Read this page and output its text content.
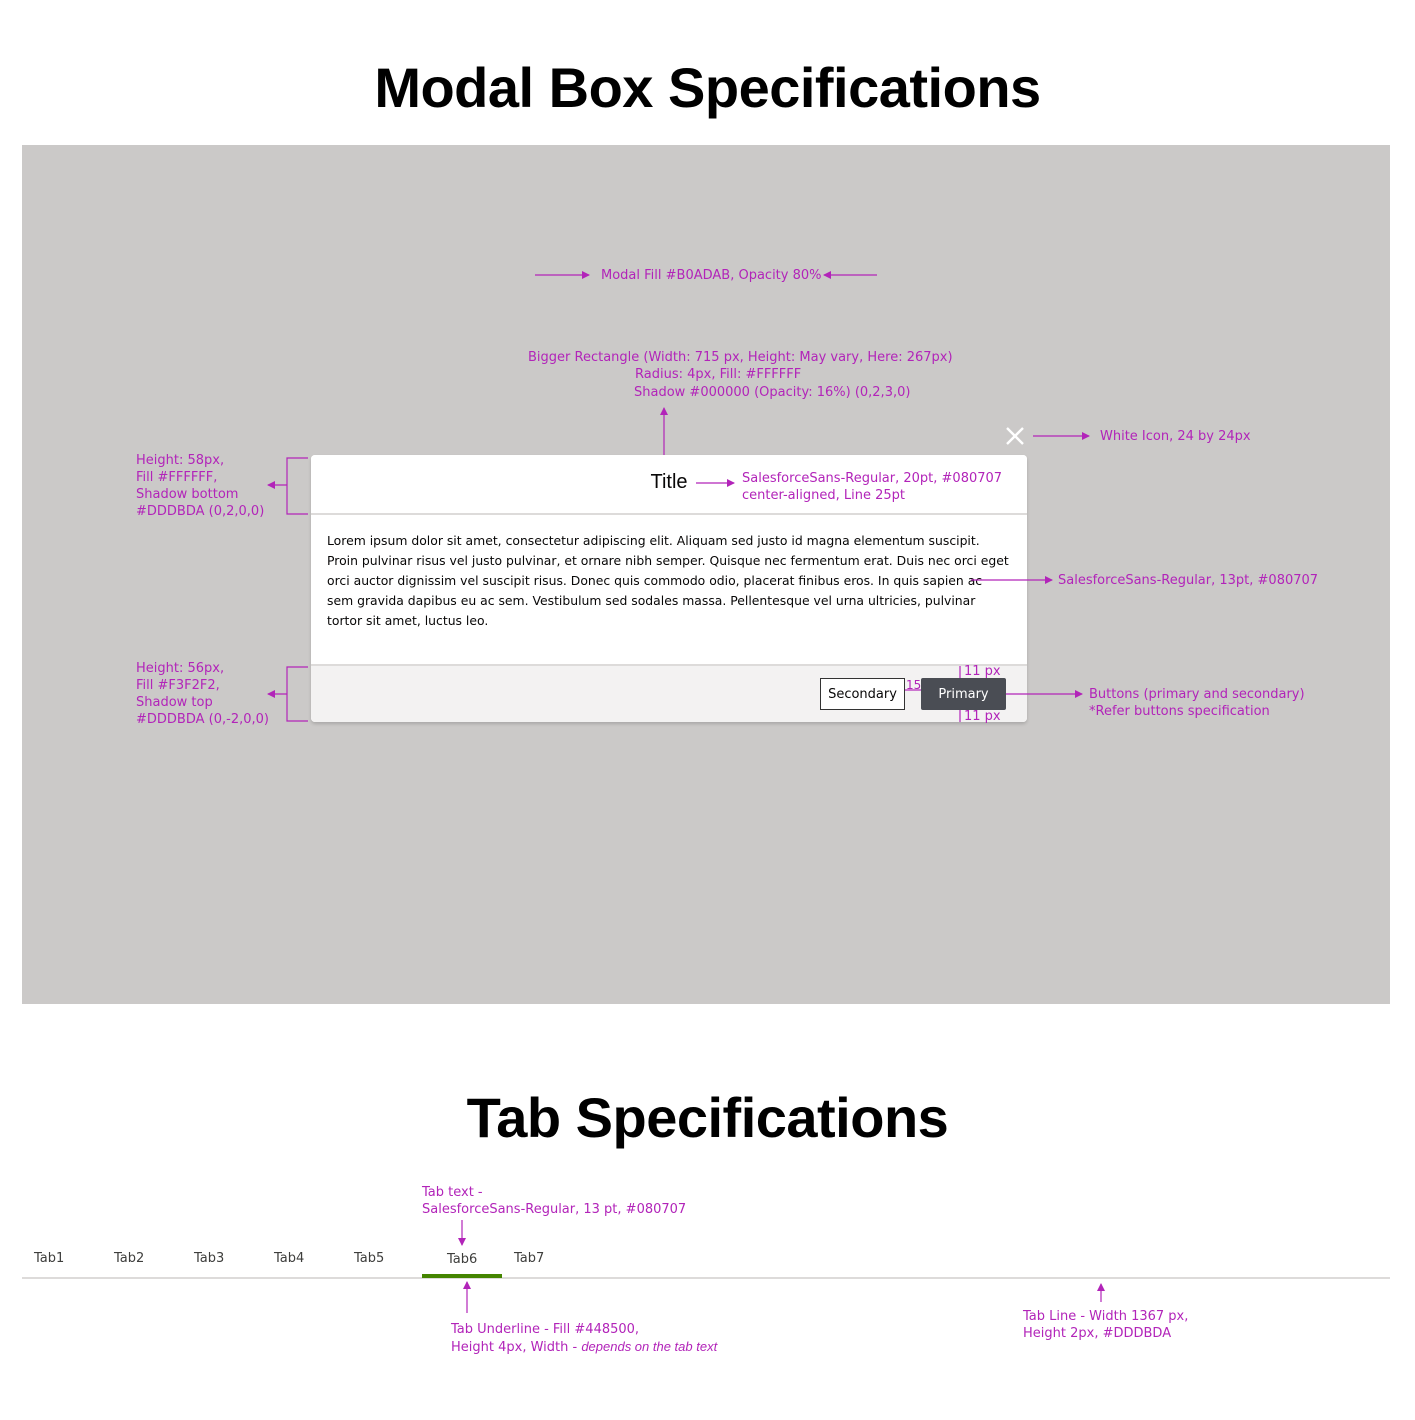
Modal Box Specifications
Title
Lorem ipsum dolor sit amet, consectetur adipiscing elit. Aliquam sed justo id magna elementum suscipit. Proin pulvinar risus vel justo pulvinar, et ornare nibh semper. Quisque nec fermentum erat. Duis nec orci eget orci auctor dignissim vel suscipit risus. Donec quis commodo odio, placerat finibus eros. In quis sapien ac sem gravida dapibus eu ac sem. Vestibulum sed sodales massa. Pellentesque vel urna ultricies, pulvinar tortor sit amet, luctus leo.
Secondary	Primary
Modal Fill #B0ADAB, Opacity 80%
Bigger Rectangle (Width: 715 px, Height: May vary, Here: 267px)
Radius: 4px, Fill: #FFFFFF
Shadow #000000 (Opacity: 16%) (0,2,3,0)
White Icon, 24 by 24px
Height: 58px,
Fill #FFFFFF,
Shadow bottom
#DDDBDA (0,2,0,0)
SalesforceSans-Regular, 20pt, #080707
center-aligned, Line 25pt
SalesforceSans-Regular, 13pt, #080707
Height: 56px,
Fill #F3F2F2,
Shadow top
#DDDBDA (0,-2,0,0)
11 px
11 px
15
Buttons (primary and secondary)
*Refer buttons specification
Tab Specifications
Tab text -
SalesforceSans-Regular, 13 pt, #080707
Tab1	Tab2	Tab3	Tab4	Tab5	Tab6	Tab7
Tab Underline - Fill #448500,
Height 4px, Width - depends on the tab text
Tab Line - Width 1367 px,
Height 2px, #DDDBDA
